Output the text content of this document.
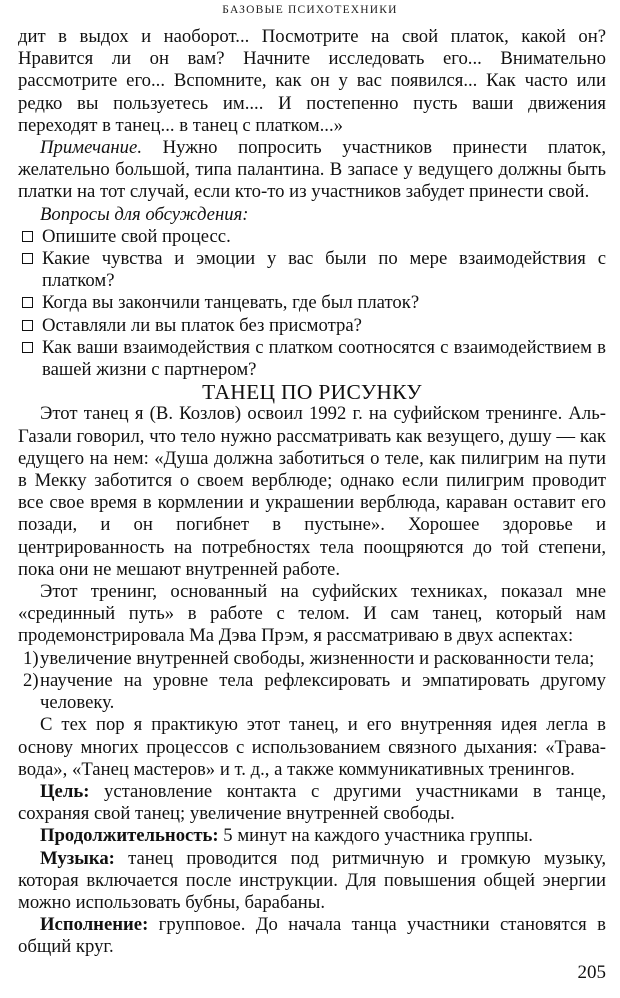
БАЗОВЫЕ ПСИХОТЕХНИКИ

дит в выдох и наоборот... Посмотрите на свой платок, какой он? Нравится ли он вам? Начните исследовать его... Внимательно рассмотрите его... Вспомните, как он у вас появился... Как часто или редко вы пользуетесь им.... И постепенно пусть ваши движения переходят в танец... в танец с платком...»

Примечание. Нужно попросить участников принести платок, желательно большой, типа палантина. В запасе у ведущего должны быть платки на тот случай, если кто-то из участников забудет принести свой.

Вопросы для обсуждения:

Опишите свой процесс.
Какие чувства и эмоции у вас были по мере взаимодействия с платком?
Когда вы закончили танцевать, где был платок?
Оставляли ли вы платок без присмотра?
Как ваши взаимодействия с платком соотносятся с взаимодействием в вашей жизни с партнером?

ТАНЕЦ ПО РИСУНКУ

Этот танец я (В. Козлов) освоил 1992 г. на суфийском тренинге. Аль-Газали говорил, что тело нужно рассматривать как везущего, душу — как едущего на нем: «Душа должна заботиться о теле, как пилигрим на пути в Мекку заботится о своем верблюде; однако если пилигрим проводит все свое время в кормлении и украшении верблюда, караван оставит его позади, и он погибнет в пустыне». Хорошее здоровье и центрированность на потребностях тела поощряются до той степени, пока они не мешают внутренней работе.

Этот тренинг, основанный на суфийских техниках, показал мне «срединный путь» в работе с телом. И сам танец, который нам продемонстрировала Ма Дэва Прэм, я рассматриваю в двух аспектах:

1) увеличение внутренней свободы, жизненности и раскованности тела;
2) научение на уровне тела рефлексировать и эмпатировать другому человеку.

С тех пор я практикую этот танец, и его внутренняя идея легла в основу многих процессов с использованием связного дыхания: «Трава-вода», «Танец мастеров» и т. д., а также коммуникативных тренингов.

Цель: установление контакта с другими участниками в танце, сохраняя свой танец; увеличение внутренней свободы.

Продолжительность: 5 минут на каждого участника группы.

Музыка: танец проводится под ритмичную и громкую музыку, которая включается после инструкции. Для повышения общей энергии можно использовать бубны, барабаны.

Исполнение: групповое. До начала танца участники становятся в общий круг.

205
